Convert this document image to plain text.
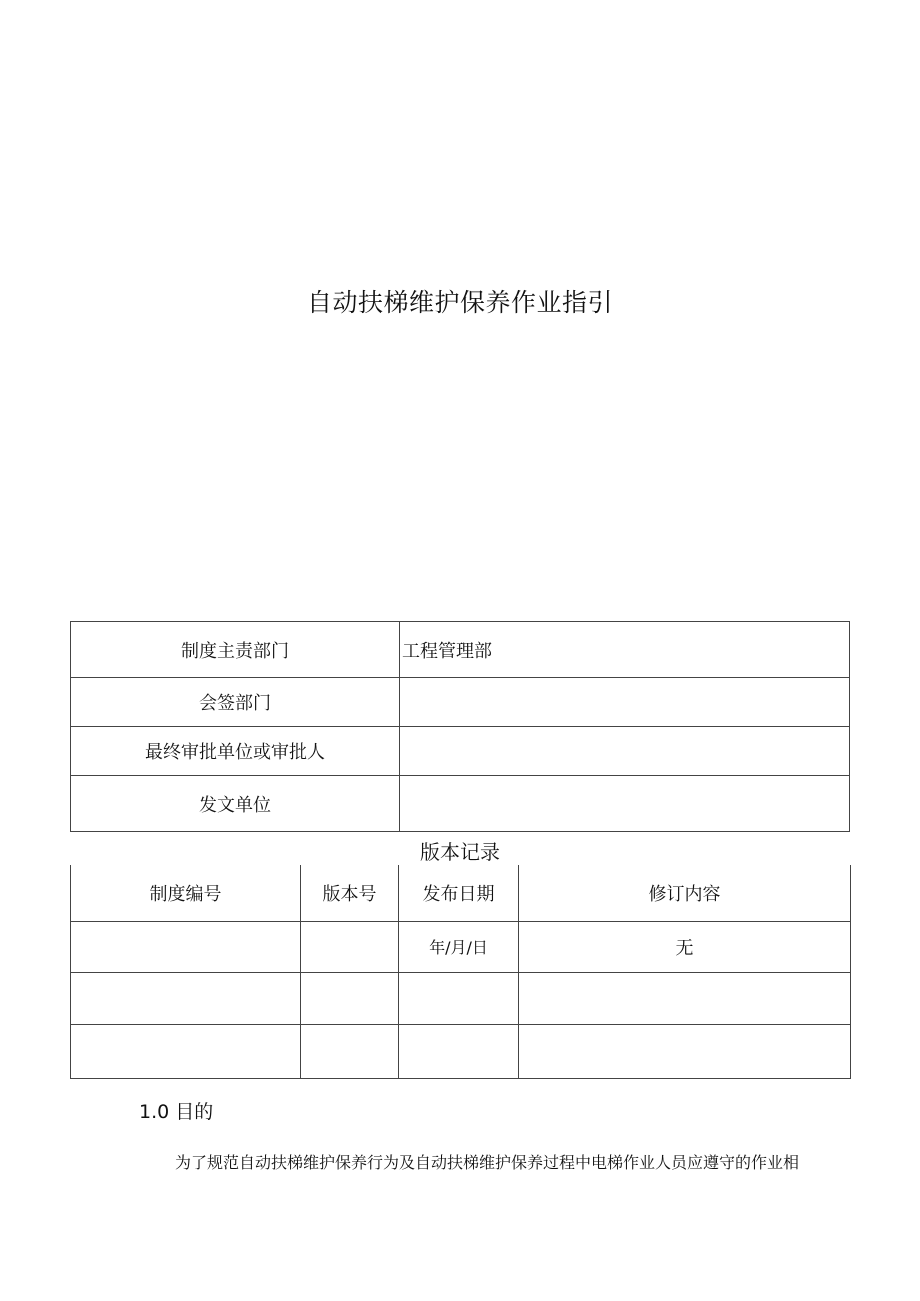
自动扶梯维护保养作业指引
制度主责部门	工程管理部
会签部门	
最终审批单位或审批人	
发文单位	
版本记录
制度编号	版本号	发布日期	修订内容
		年/月/日	无

1.0 目的
为了规范自动扶梯维护保养行为及自动扶梯维护保养过程中电梯作业人员应遵守的作业相
